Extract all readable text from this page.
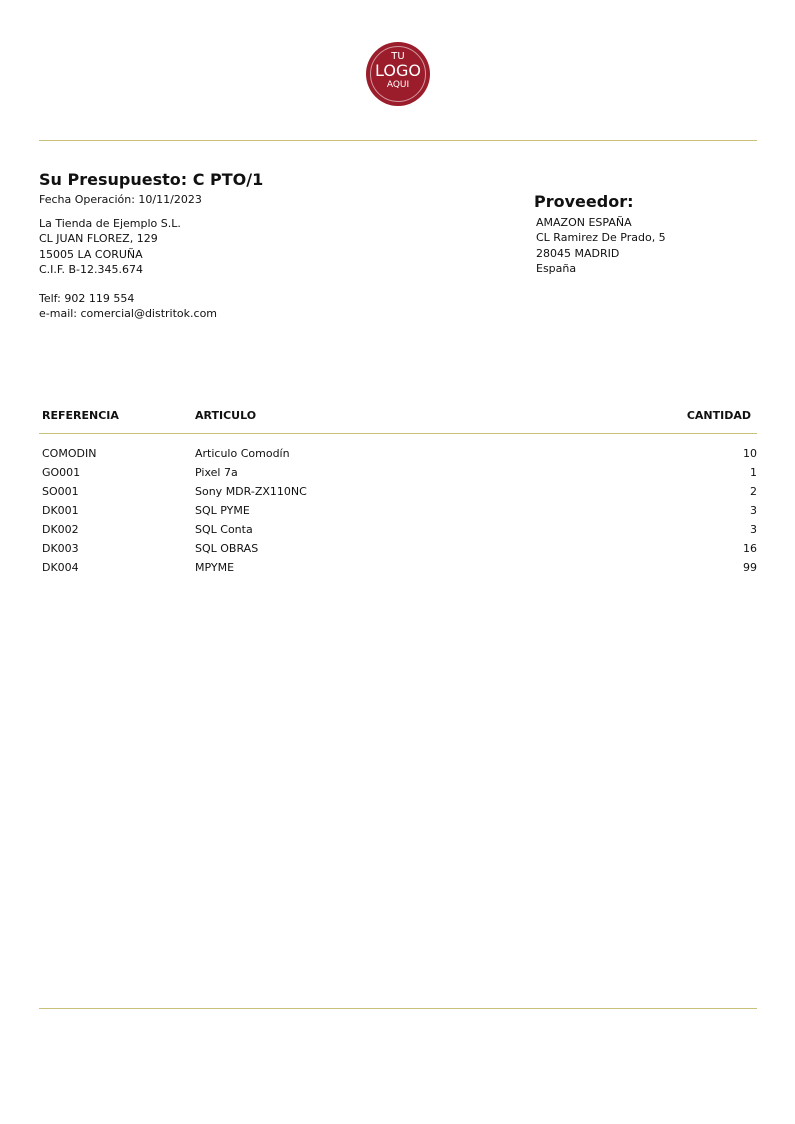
TU
LOGO
AQUI
Su Presupuesto: C PTO/1
Fecha Operación: 10/11/2023
La Tienda de Ejemplo S.L.
CL JUAN FLOREZ, 129
15005 LA CORUÑA
C.I.F. B-12.345.674
Telf: 902 119 554
e-mail: comercial@distritok.com
Proveedor:
AMAZON ESPAÑA
CL Ramirez De Prado, 5
28045 MADRID
España
REFERENCIA	ARTICULO	CANTIDAD
COMODIN	Articulo Comodín	10
GO001	Pixel 7a	1
SO001	Sony MDR-ZX110NC	2
DK001	SQL PYME	3
DK002	SQL Conta	3
DK003	SQL OBRAS	16
DK004	MPYME	99
